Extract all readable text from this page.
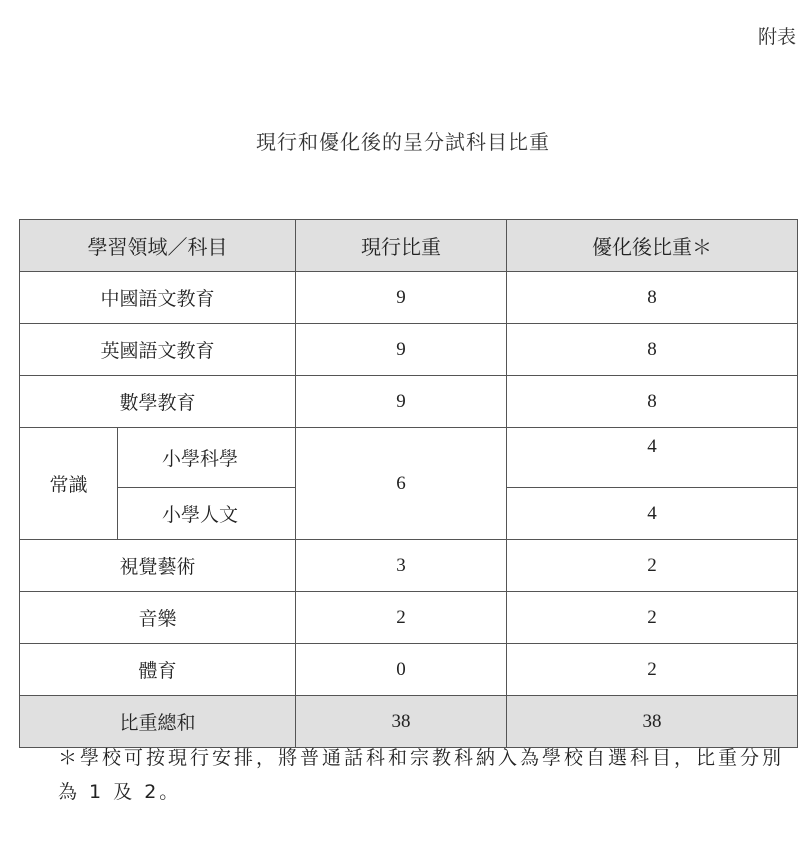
附表
現行和優化後的呈分試科目比重
學習領域／科目		現行比重	優化後比重＊
中國語文教育		9	8
英國語文教育		9	8
數學教育		9	8
常識	小學科學	6	4
	小學人文		4
視覺藝術		3	2
音樂		2	2
體育		0	2
比重總和		38	38
＊學校可按現行安排，將普通話科和宗教科納入為學校自選科目，比重分別為 1 及 2。
